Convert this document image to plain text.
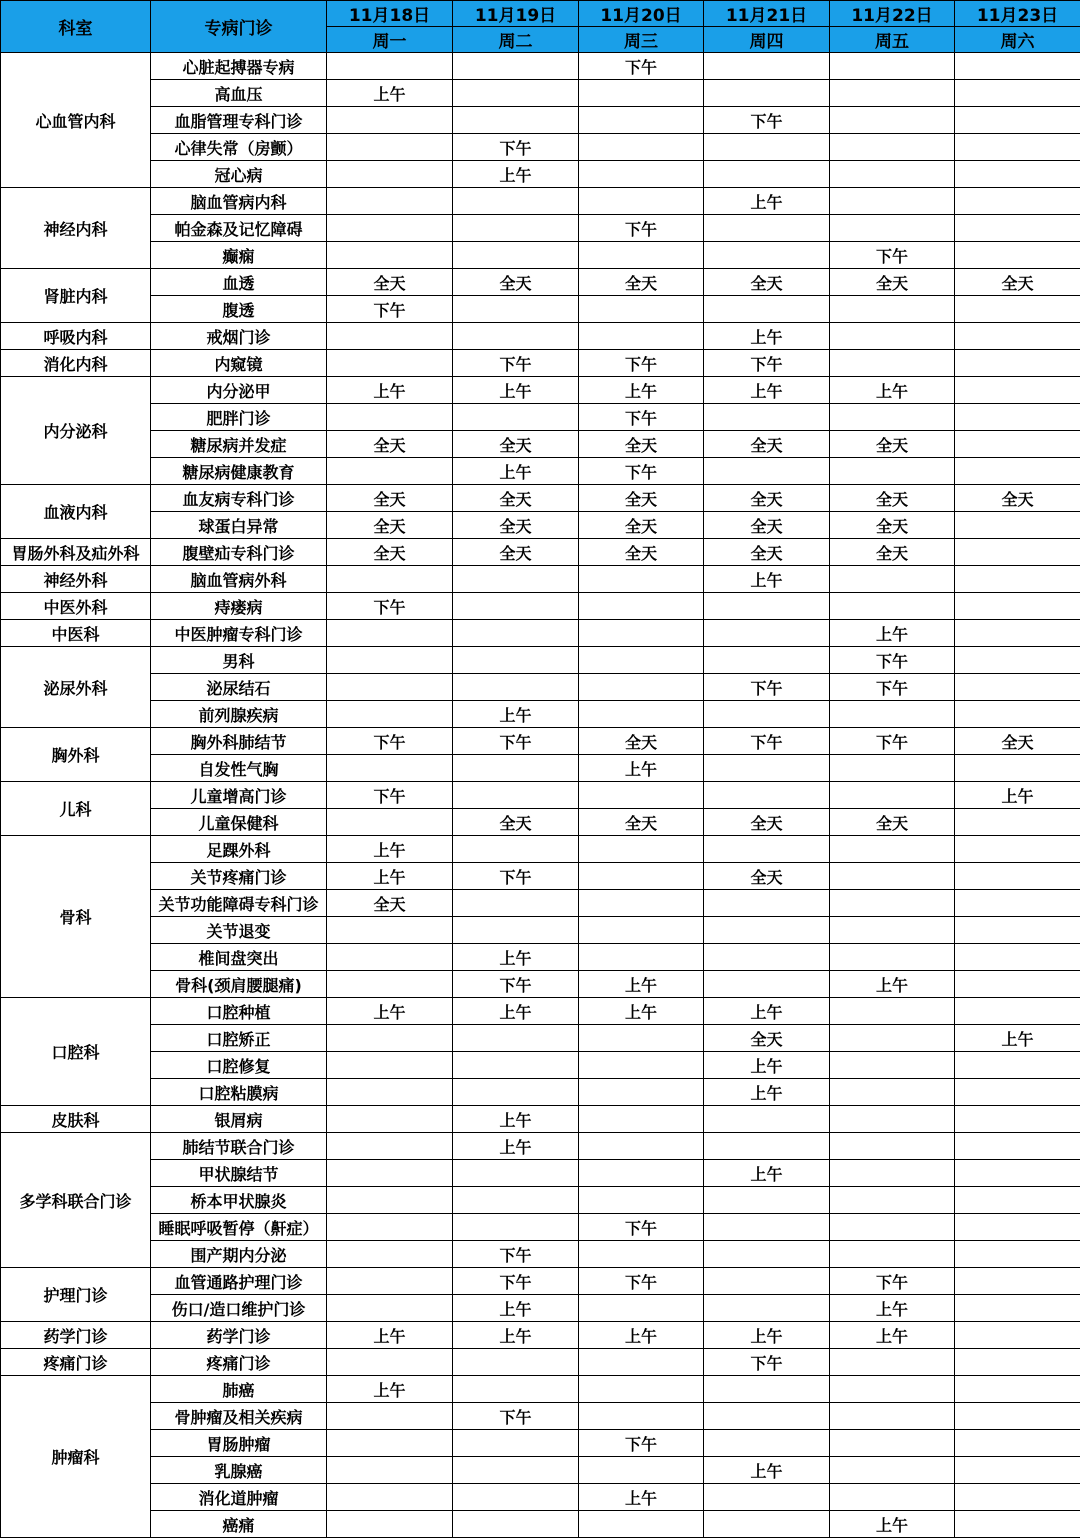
科室	专病门诊	11月18日	11月19日	11月20日	11月21日	11月22日	11月23日
		周一	周二	周三	周四	周五	周六
心血管内科	心脏起搏器专病			下午			
	高血压	上午					
	血脂管理专科门诊				下午		
	心律失常（房颤）		下午				
	冠心病		上午				
神经内科	脑血管病内科				上午		
	帕金森及记忆障碍			下午			
	癫痫					下午	
肾脏内科	血透	全天	全天	全天	全天	全天	全天
	腹透	下午					
呼吸内科	戒烟门诊				上午		
消化内科	内窥镜		下午	下午	下午		
内分泌科	内分泌甲	上午	上午	上午	上午	上午	
	肥胖门诊			下午			
	糖尿病并发症	全天	全天	全天	全天	全天	
	糖尿病健康教育		上午	下午			
血液内科	血友病专科门诊	全天	全天	全天	全天	全天	全天
	球蛋白异常	全天	全天	全天	全天	全天	
胃肠外科及疝外科	腹壁疝专科门诊	全天	全天	全天	全天	全天	
神经外科	脑血管病外科				上午		
中医外科	痔瘘病	下午					
中医科	中医肿瘤专科门诊					上午	
泌尿外科	男科					下午	
	泌尿结石				下午	下午	
	前列腺疾病		上午				
胸外科	胸外科肺结节	下午	下午	全天	下午	下午	全天
	自发性气胸			上午			
儿科	儿童增高门诊	下午					上午
	儿童保健科		全天	全天	全天	全天	
骨科	足踝外科	上午					
	关节疼痛门诊	上午	下午		全天		
	关节功能障碍专科门诊	全天					
	关节退变						
	椎间盘突出		上午				
	骨科(颈肩腰腿痛)		下午	上午		上午	
口腔科	口腔种植	上午	上午	上午	上午		
	口腔矫正				全天		上午
	口腔修复				上午		
	口腔粘膜病				上午		
皮肤科	银屑病		上午				
多学科联合门诊	肺结节联合门诊		上午				
	甲状腺结节				上午		
	桥本甲状腺炎						
	睡眠呼吸暂停（鼾症）			下午			
	围产期内分泌		下午				
护理门诊	血管通路护理门诊		下午	下午		下午	
	伤口/造口维护门诊		上午			上午	
药学门诊	药学门诊	上午	上午	上午	上午	上午	
疼痛门诊	疼痛门诊				下午		
肿瘤科	肺癌	上午					
	骨肿瘤及相关疾病		下午				
	胃肠肿瘤			下午			
	乳腺癌				上午		
	消化道肿瘤			上午			
	癌痛					上午	
